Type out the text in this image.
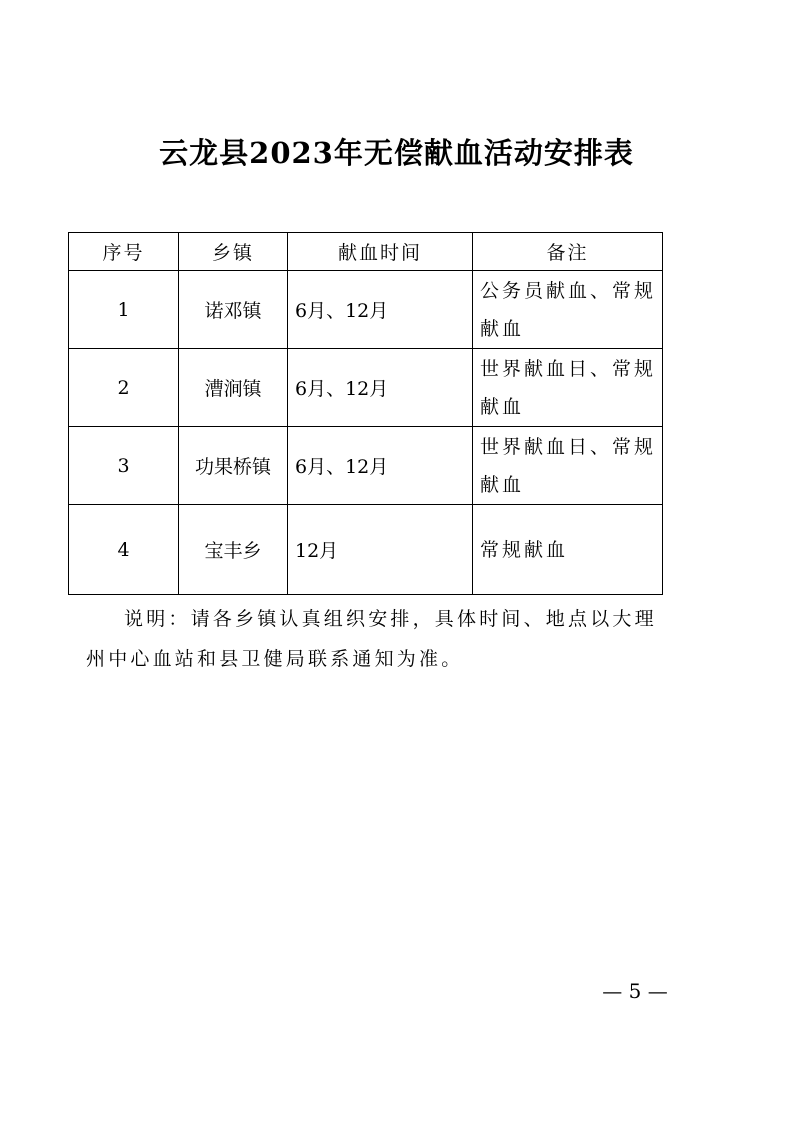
云龙县2023年无偿献血活动安排表
序号	乡镇	献血时间	备注
1	诺邓镇	6月、12月	公务员献血、常规献血
2	漕涧镇	6月、12月	世界献血日、常规献血
3	功果桥镇	6月、12月	世界献血日、常规献血
4	宝丰乡	12月	常规献血

说明：请各乡镇认真组织安排，具体时间、地点以大理州中心血站和县卫健局联系通知为准。

— 5 —
